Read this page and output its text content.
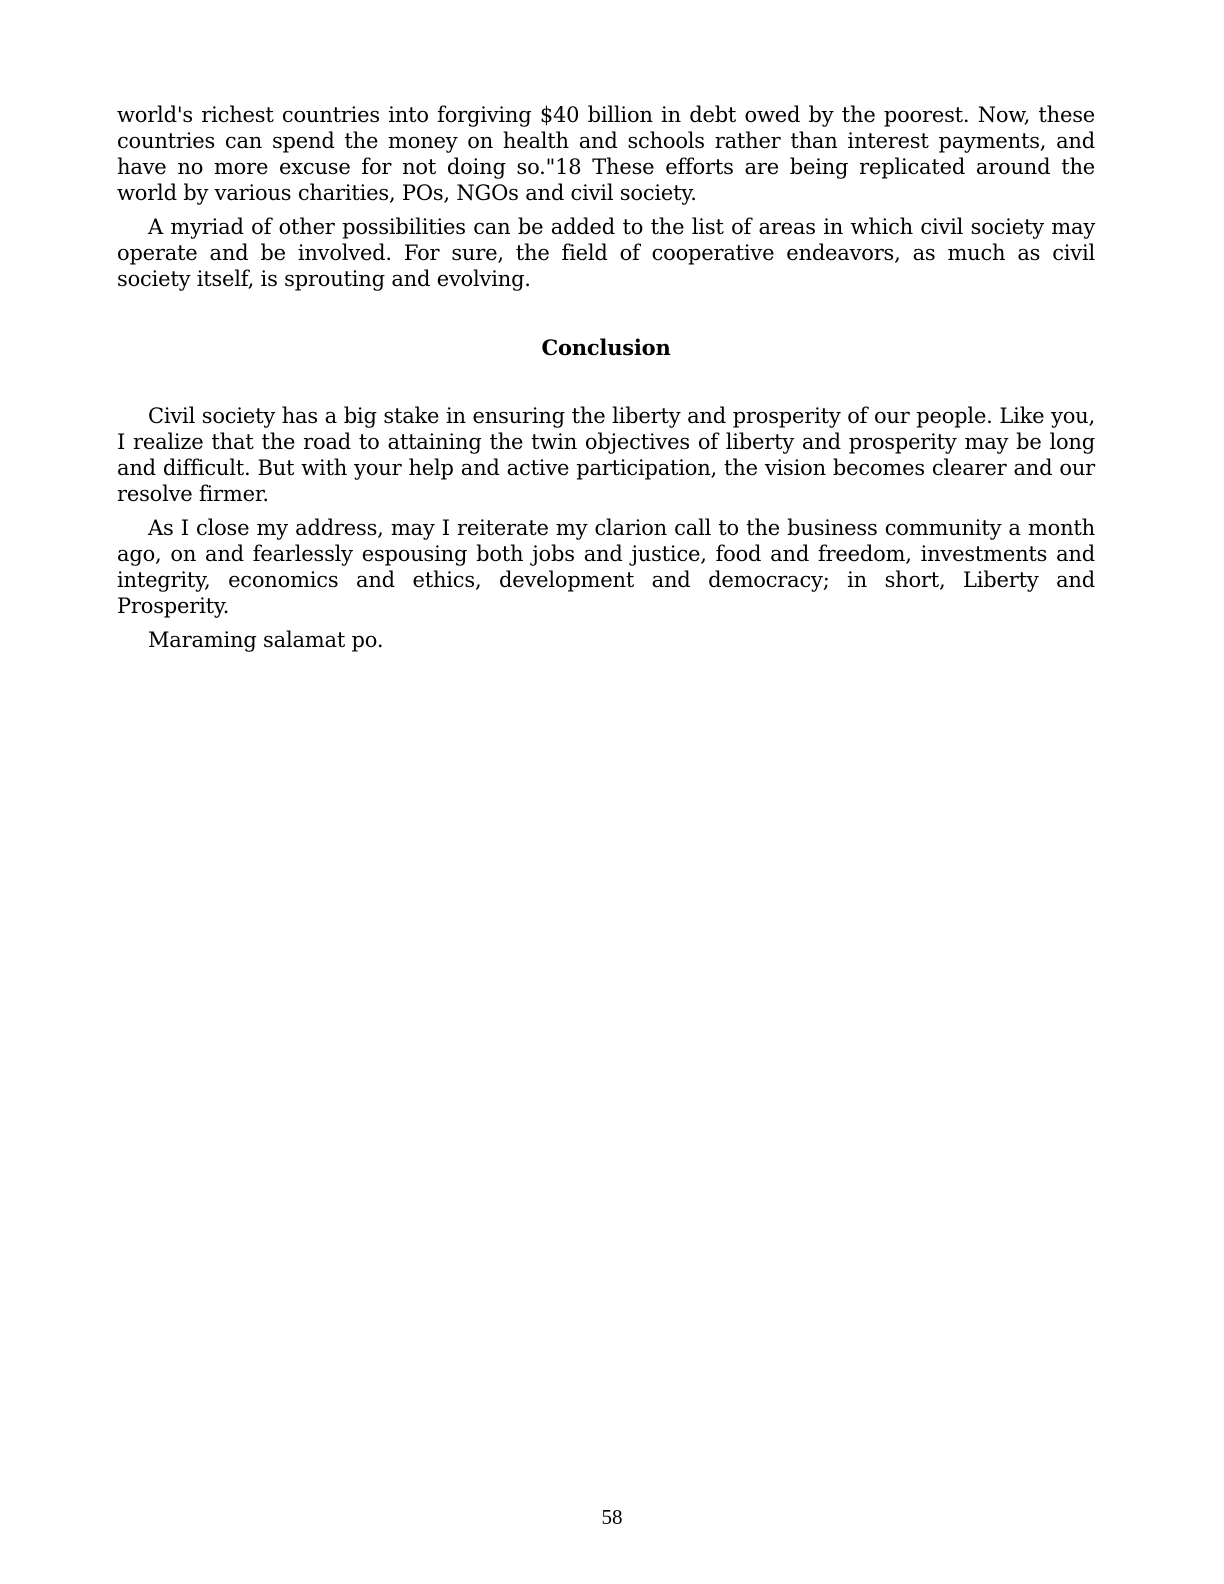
world's richest countries into forgiving $40 billion in debt owed by the poorest. Now, these countries can spend the money on health and schools rather than interest payments, and have no more excuse for not doing so."18 These efforts are being replicated around the world by various charities, POs, NGOs and civil society.

A myriad of other possibilities can be added to the list of areas in which civil society may operate and be involved. For sure, the field of cooperative endeavors, as much as civil society itself, is sprouting and evolving.

Conclusion

Civil society has a big stake in ensuring the liberty and prosperity of our people. Like you, I realize that the road to attaining the twin objectives of liberty and prosperity may be long and difficult. But with your help and active participation, the vision becomes clearer and our resolve firmer.

As I close my address, may I reiterate my clarion call to the business community a month ago, on and fearlessly espousing both jobs and justice, food and freedom, investments and integrity, economics and ethics, development and democracy; in short, Liberty and Prosperity.

Maraming salamat po.

58
